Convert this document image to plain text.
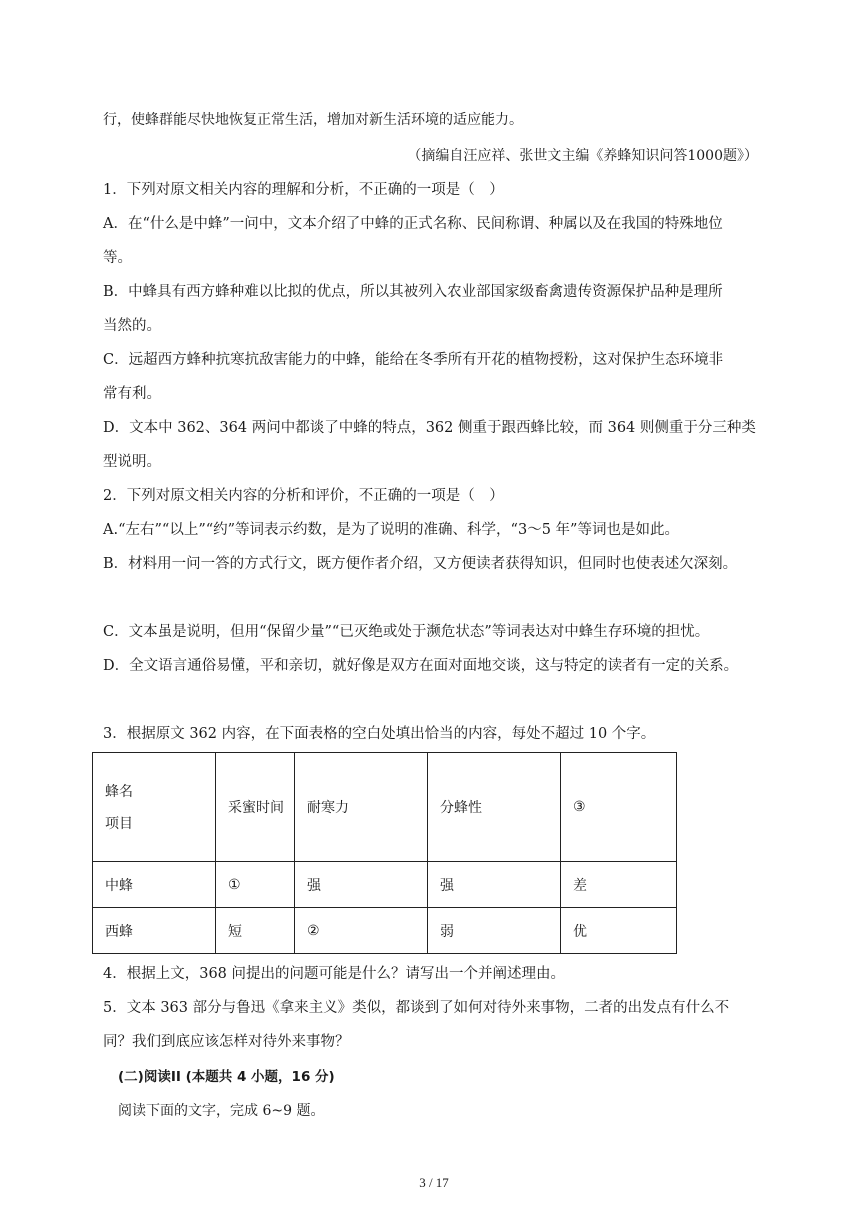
行，使蜂群能尽快地恢复正常生活，增加对新生活环境的适应能力。
（摘编自汪应祥、张世文主编《养蜂知识问答1000题》）
1．下列对原文相关内容的理解和分析，不正确的一项是（　）
A．在“什么是中蜂”一问中，文本介绍了中蜂的正式名称、民间称谓、种属以及在我国的特殊地位
等。
B．中蜂具有西方蜂种难以比拟的优点，所以其被列入农业部国家级畜禽遗传资源保护品种是理所
当然的。
C．远超西方蜂种抗寒抗敌害能力的中蜂，能给在冬季所有开花的植物授粉，这对保护生态环境非
常有利。
D．文本中 362、364 两问中都谈了中蜂的特点，362 侧重于跟西蜂比较，而 364 则侧重于分三种类
型说明。
2．下列对原文相关内容的分析和评价，不正确的一项是（　）
A.“左右”“以上”“约”等词表示约数，是为了说明的准确、科学，“3～5 年”等词也是如此。
B．材料用一问一答的方式行文，既方便作者介绍，又方便读者获得知识，但同时也使表述欠深刻。
C．文本虽是说明，但用“保留少量”“已灭绝或处于濒危状态”等词表达对中蜂生存环境的担忧。
D．全文语言通俗易懂，平和亲切，就好像是双方在面对面地交谈，这与特定的读者有一定的关系。
3．根据原文 362 内容，在下面表格的空白处填出恰当的内容，每处不超过 10 个字。
蜂名
项目	采蜜时间	耐寒力	分蜂性	③
中蜂	①	强	强	差
西蜂	短	②	弱	优
4．根据上文，368 问提出的问题可能是什么？请写出一个并阐述理由。
5．文本 363 部分与鲁迅《拿来主义》类似，都谈到了如何对待外来事物，二者的出发点有什么不
同？我们到底应该怎样对待外来事物？
(二)阅读II (本题共 4 小题，16 分)
阅读下面的文字，完成 6~9 题。
3 / 17
